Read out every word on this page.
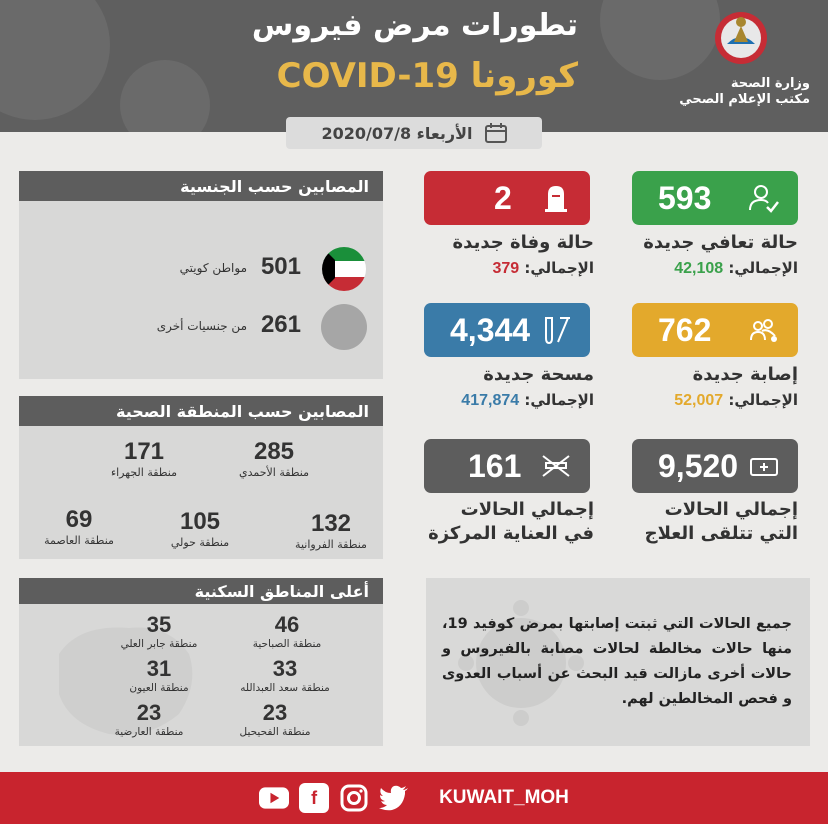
تطورات مرض فيروس
كورونا COVID-19	وزارة الصحة
مكتب الإعلام الصحي
الأربعاء 2020/07/8
593
حالة تعافي جديدة
الإجمالي: 42,108
762
إصابة جديدة
الإجمالي: 52,007
9,520
إجمالي الحالات
التي تتلقى العلاج
2
حالة وفاة جديدة
الإجمالي: 379
4,344
مسحة جديدة
الإجمالي: 417,874
161
إجمالي الحالات
في العناية المركزة
المصابين حسب الجنسية
501
مواطن كويتي
261
من جنسيات أخرى
المصابين حسب المنطقة الصحية
285
منطقة الأحمدي
171
منطقة الجهراء
132
منطقة الفروانية
105
منطقة حولي
69
منطقة العاصمة
أعلى المناطق السكنية
46
منطقة الصباحية
35
منطقة جابر العلي
33
منطقة سعد العبدالله
31
منطقة العيون
23
منطقة الفحيحيل
23
منطقة العارضية
جميع الحالات التي ثبتت إصابتها بمرض كوفيد 19، منها حالات مخالطة لحالات مصابة بالفيروس و حالات أخرى مازالت قيد البحث عن أسباب العدوى و فحص المخالطين لهم.
f	KUWAIT_MOH
